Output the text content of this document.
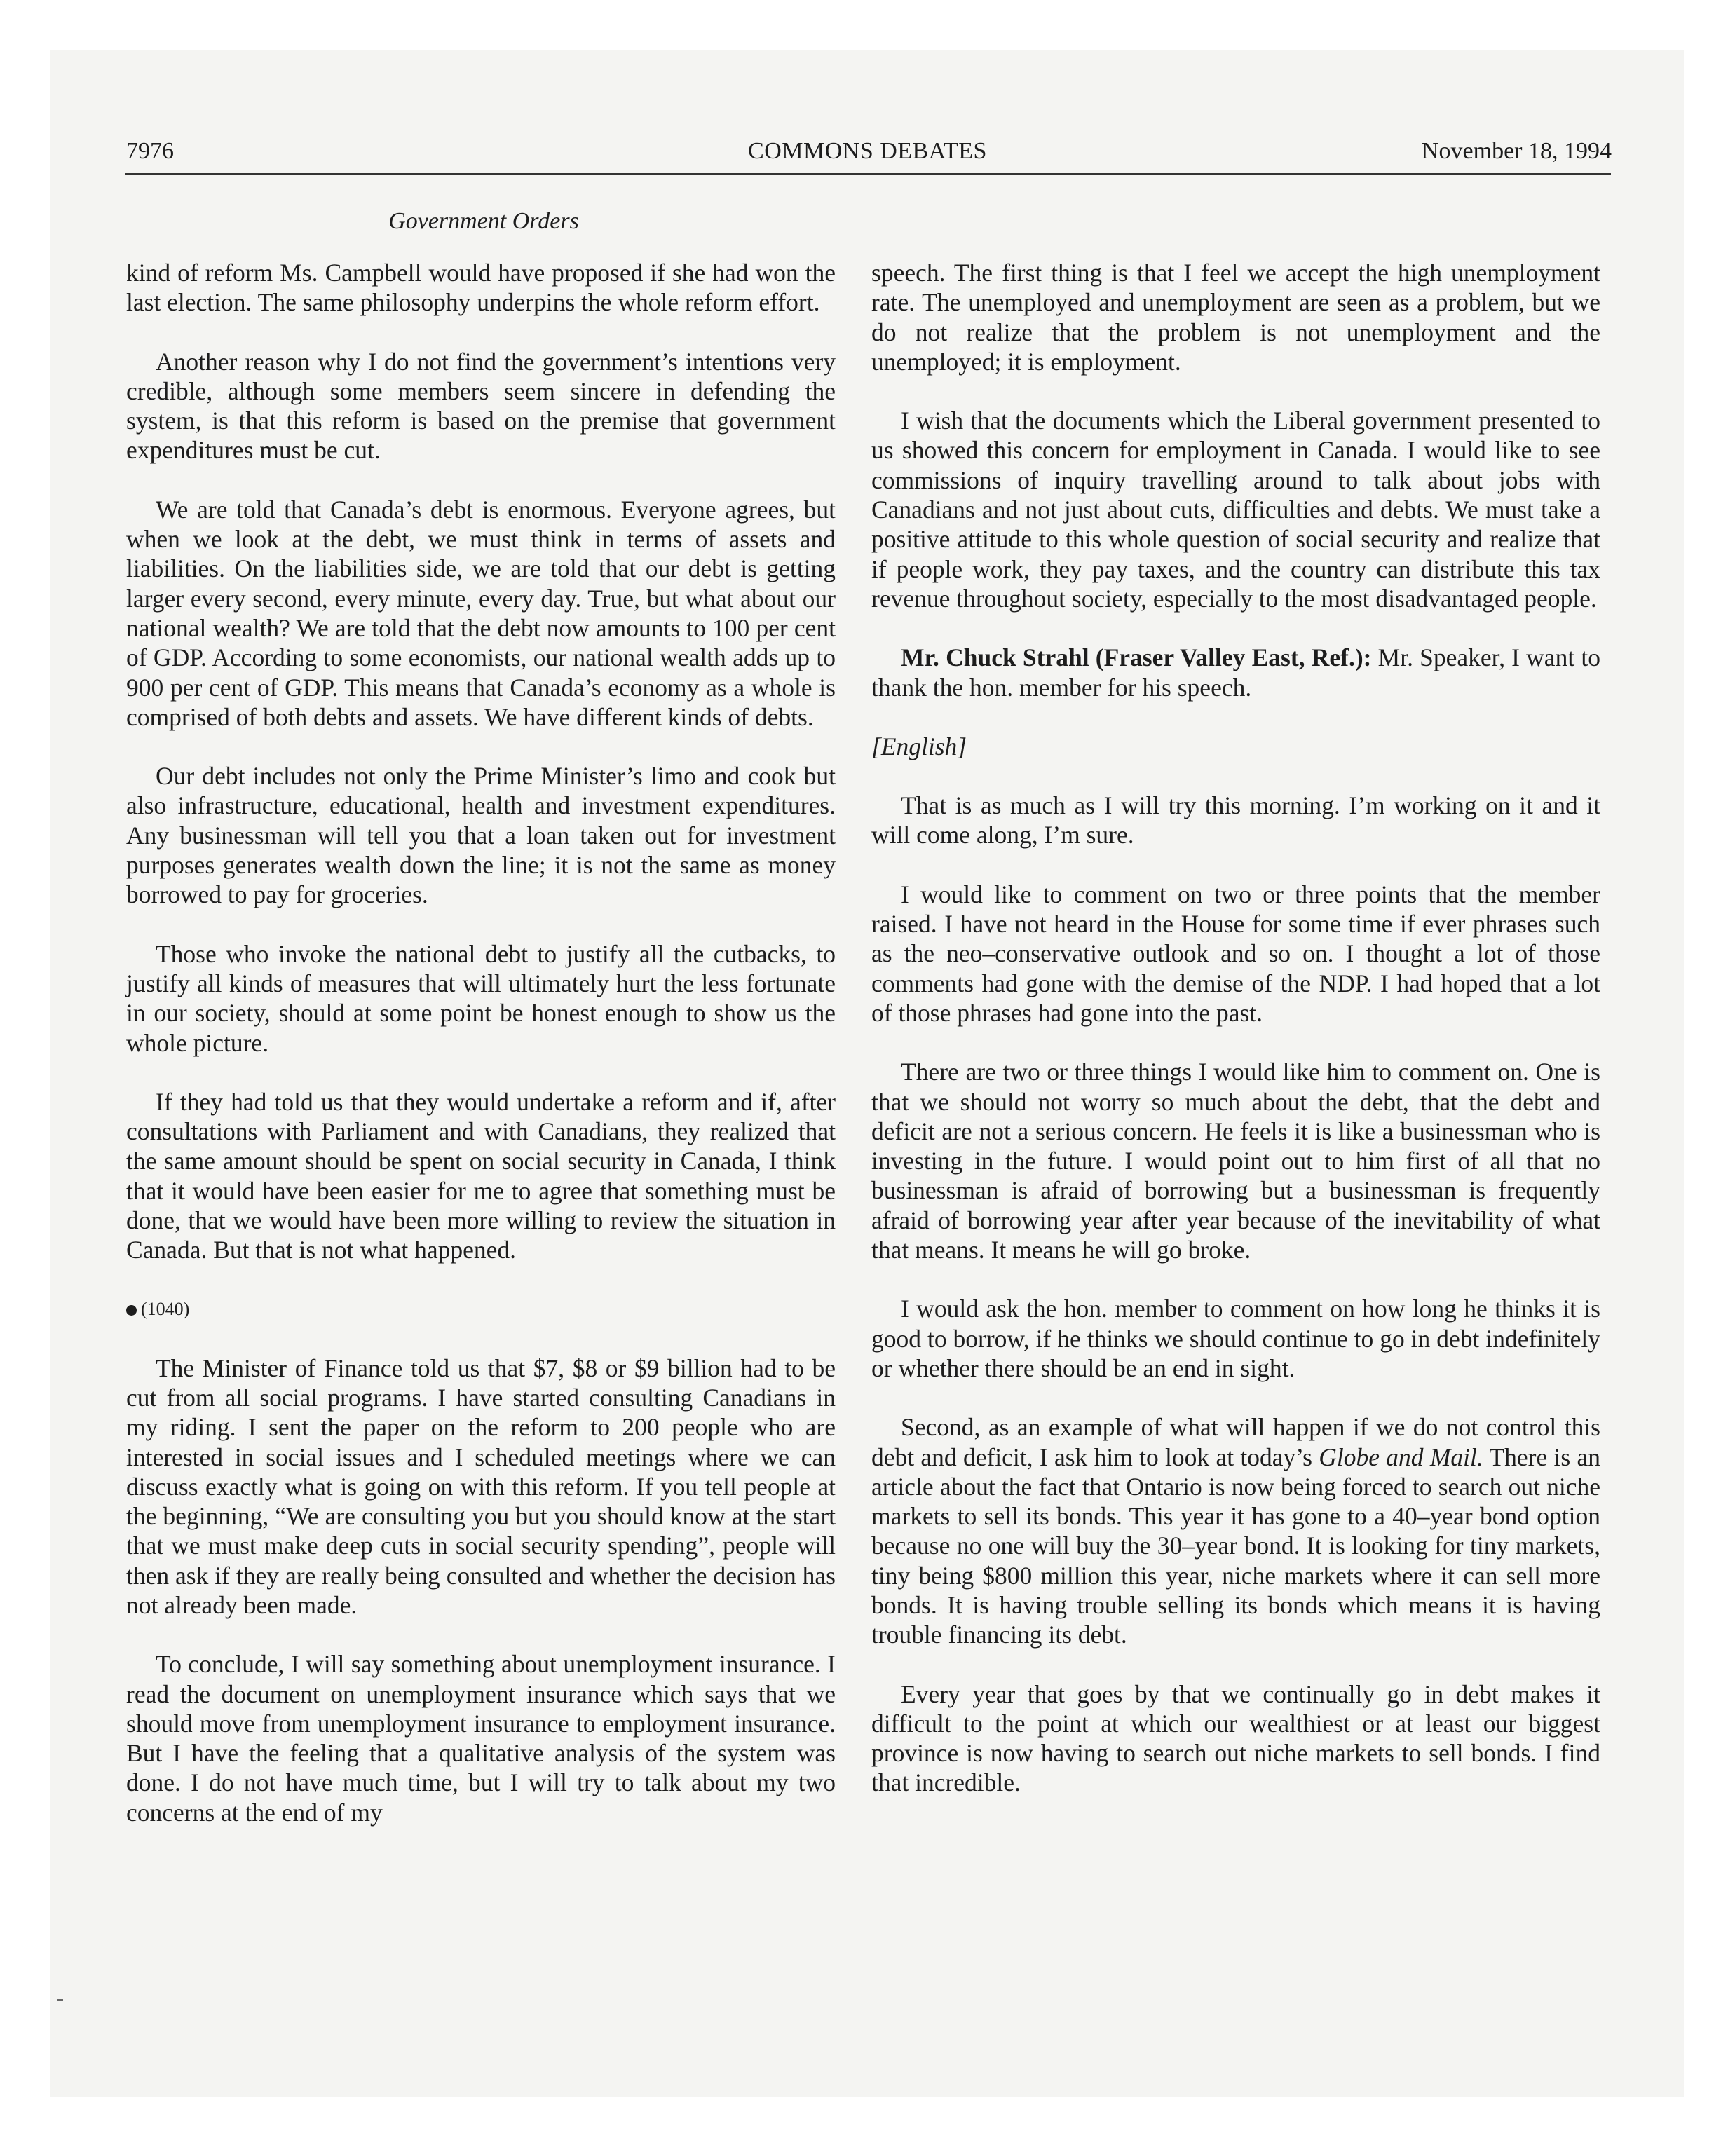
7976	COMMONS DEBATES	November 18, 1994
Government Orders

kind of reform Ms. Campbell would have proposed if she had won the last election. The same philosophy underpins the whole reform effort.

Another reason why I do not find the government’s intentions very credible, although some members seem sincere in defending the system, is that this reform is based on the premise that government expenditures must be cut.

We are told that Canada’s debt is enormous. Everyone agrees, but when we look at the debt, we must think in terms of assets and liabilities. On the liabilities side, we are told that our debt is getting larger every second, every minute, every day. True, but what about our national wealth? We are told that the debt now amounts to 100 per cent of GDP. According to some economists, our national wealth adds up to 900 per cent of GDP. This means that Canada’s economy as a whole is comprised of both debts and assets. We have different kinds of debts.

Our debt includes not only the Prime Minister’s limo and cook but also infrastructure, educational, health and investment expenditures. Any businessman will tell you that a loan taken out for investment purposes generates wealth down the line; it is not the same as money borrowed to pay for groceries.

Those who invoke the national debt to justify all the cutbacks, to justify all kinds of measures that will ultimately hurt the less fortunate in our society, should at some point be honest enough to show us the whole picture.

If they had told us that they would undertake a reform and if, after consultations with Parliament and with Canadians, they realized that the same amount should be spent on social security in Canada, I think that it would have been easier for me to agree that something must be done, that we would have been more willing to review the situation in Canada. But that is not what happened.

(1040)

The Minister of Finance told us that $7, $8 or $9 billion had to be cut from all social programs. I have started consulting Canadians in my riding. I sent the paper on the reform to 200 people who are interested in social issues and I scheduled meetings where we can discuss exactly what is going on with this reform. If you tell people at the beginning, “We are consulting you but you should know at the start that we must make deep cuts in social security spending”, people will then ask if they are really being consulted and whether the decision has not already been made.

To conclude, I will say something about unemployment insurance. I read the document on unemployment insurance which says that we should move from unemployment insurance to employment insurance. But I have the feeling that a qualitative analysis of the system was done. I do not have much time, but I will try to talk about my two concerns at the end of my

speech. The first thing is that I feel we accept the high unemployment rate. The unemployed and unemployment are seen as a problem, but we do not realize that the problem is not unemployment and the unemployed; it is employment.

I wish that the documents which the Liberal government presented to us showed this concern for employment in Canada. I would like to see commissions of inquiry travelling around to talk about jobs with Canadians and not just about cuts, difficulties and debts. We must take a positive attitude to this whole question of social security and realize that if people work, they pay taxes, and the country can distribute this tax revenue throughout society, especially to the most disadvantaged people.

Mr. Chuck Strahl (Fraser Valley East, Ref.): Mr. Speaker, I want to thank the hon. member for his speech.

[English]

That is as much as I will try this morning. I’m working on it and it will come along, I’m sure.

I would like to comment on two or three points that the member raised. I have not heard in the House for some time if ever phrases such as the neo–conservative outlook and so on. I thought a lot of those comments had gone with the demise of the NDP. I had hoped that a lot of those phrases had gone into the past.

There are two or three things I would like him to comment on. One is that we should not worry so much about the debt, that the debt and deficit are not a serious concern. He feels it is like a businessman who is investing in the future. I would point out to him first of all that no businessman is afraid of borrowing but a businessman is frequently afraid of borrowing year after year because of the inevitability of what that means. It means he will go broke.

I would ask the hon. member to comment on how long he thinks it is good to borrow, if he thinks we should continue to go in debt indefinitely or whether there should be an end in sight.

Second, as an example of what will happen if we do not control this debt and deficit, I ask him to look at today’s Globe and Mail. There is an article about the fact that Ontario is now being forced to search out niche markets to sell its bonds. This year it has gone to a 40–year bond option because no one will buy the 30–year bond. It is looking for tiny markets, tiny being $800 million this year, niche markets where it can sell more bonds. It is having trouble selling its bonds which means it is having trouble financing its debt.

Every year that goes by that we continually go in debt makes it difficult to the point at which our wealthiest or at least our biggest province is now having to search out niche markets to sell bonds. I find that incredible.
